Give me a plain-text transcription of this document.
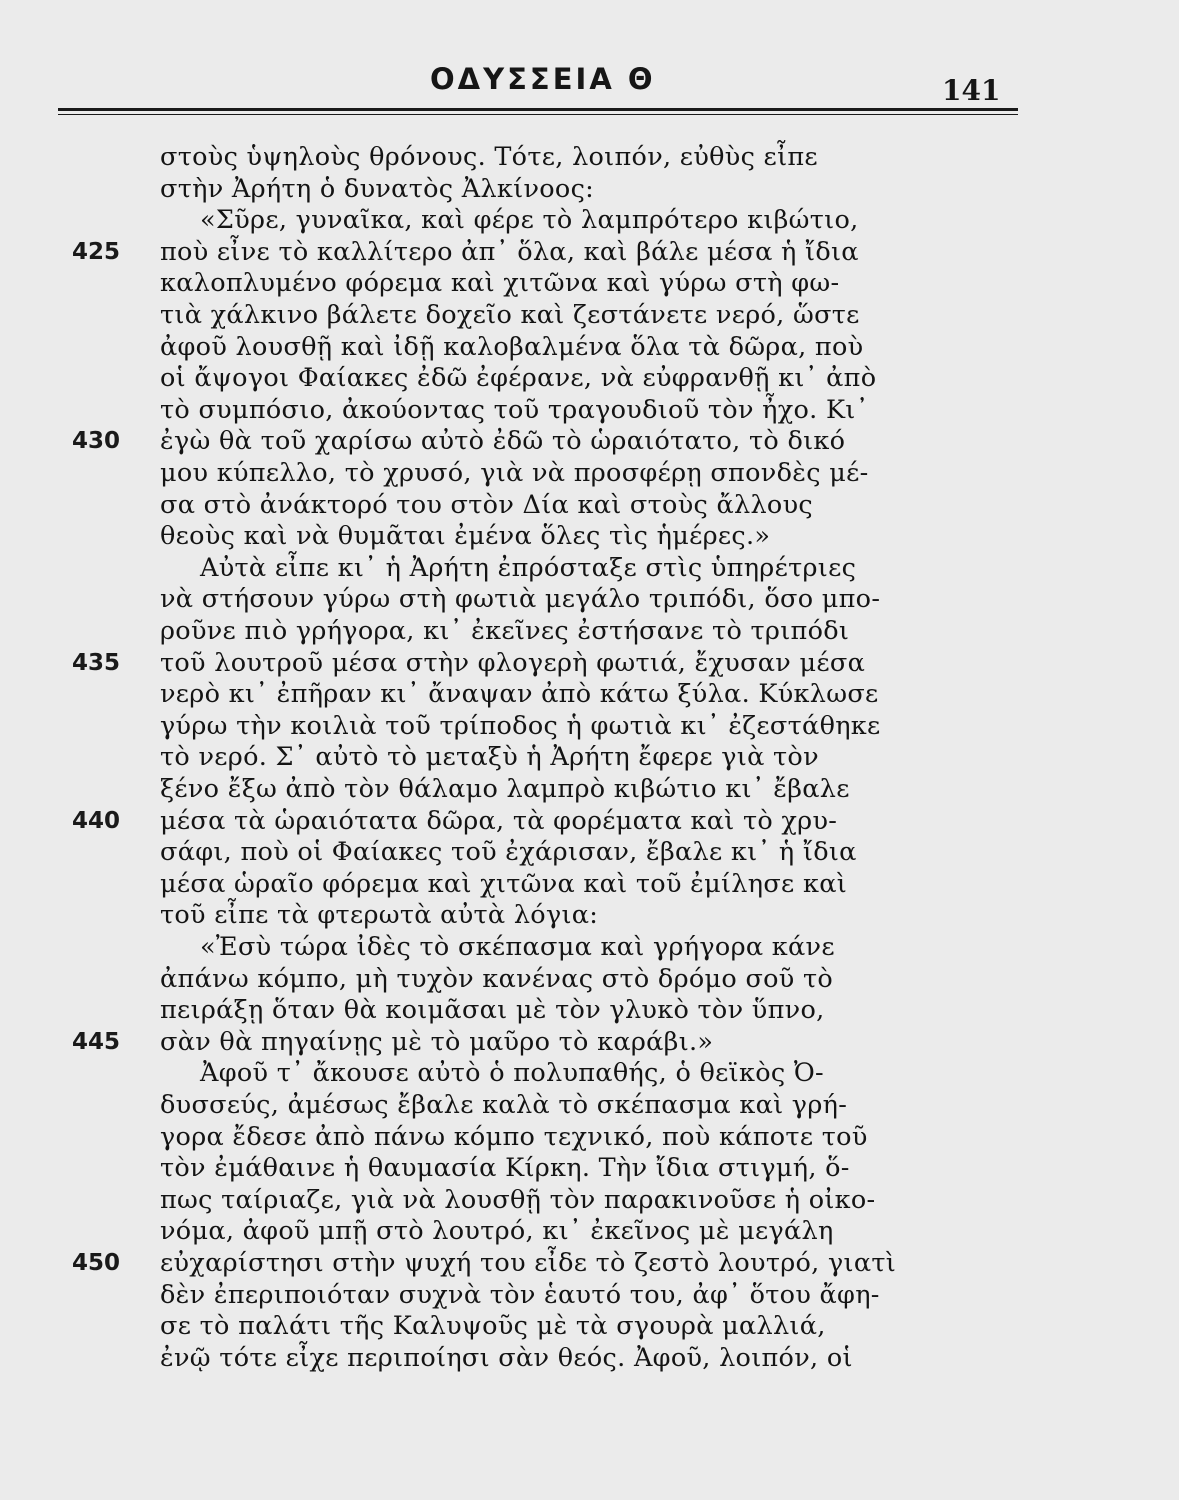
ΟΔΥΣΣΕΙΑ Θ	141
στοὺς ὑψηλοὺς θρόνους. Τότε, λοιπόν, εὐθὺς εἶπε
στὴν Ἀρήτη ὁ δυνατὸς Ἀλκίνοος:
«Σῦρε, γυναῖκα, καὶ φέρε τὸ λαμπρότερο κιβώτιο,
425 ποὺ εἶνε τὸ καλλίτερο ἀπ᾽ ὅλα, καὶ βάλε μέσα ἡ ἴδια
καλοπλυμένο φόρεμα καὶ χιτῶνα καὶ γύρω στὴ φω-
τιὰ χάλκινο βάλετε δοχεῖο καὶ ζεστάνετε νερό, ὥστε
ἀφοῦ λουσθῇ καὶ ἰδῇ καλοβαλμένα ὅλα τὰ δῶρα, ποὺ
οἱ ἄψογοι Φαίακες ἐδῶ ἐφέρανε, νὰ εὐφρανθῇ κι᾽ ἀπὸ
τὸ συμπόσιο, ἀκούοντας τοῦ τραγουδιοῦ τὸν ἦχο. Κι᾽
430 ἐγὼ θὰ τοῦ χαρίσω αὐτὸ ἐδῶ τὸ ὡραιότατο, τὸ δικό
μου κύπελλο, τὸ χρυσό, γιὰ νὰ προσφέρῃ σπονδὲς μέ-
σα στὸ ἀνάκτορό του στὸν Δία καὶ στοὺς ἄλλους
θεοὺς καὶ νὰ θυμᾶται ἐμένα ὅλες τὶς ἡμέρες.»
Αὐτὰ εἶπε κι᾽ ἡ Ἀρήτη ἐπρόσταξε στὶς ὑπηρέτριες
νὰ στήσουν γύρω στὴ φωτιὰ μεγάλο τριπόδι, ὅσο μπο-
ροῦνε πιὸ γρήγορα, κι᾽ ἐκεῖνες ἐστήσανε τὸ τριπόδι
435 τοῦ λουτροῦ μέσα στὴν φλογερὴ φωτιά, ἔχυσαν μέσα
νερὸ κι᾽ ἐπῆραν κι᾽ ἄναψαν ἀπὸ κάτω ξύλα. Κύκλωσε
γύρω τὴν κοιλιὰ τοῦ τρίποδος ἡ φωτιὰ κι᾽ ἐζεστάθηκε
τὸ νερό. Σ᾽ αὐτὸ τὸ μεταξὺ ἡ Ἀρήτη ἔφερε γιὰ τὸν
ξένο ἔξω ἀπὸ τὸν θάλαμο λαμπρὸ κιβώτιο κι᾽ ἔβαλε
440 μέσα τὰ ὡραιότατα δῶρα, τὰ φορέματα καὶ τὸ χρυ-
σάφι, ποὺ οἱ Φαίακες τοῦ ἐχάρισαν, ἔβαλε κι᾽ ἡ ἴδια
μέσα ὡραῖο φόρεμα καὶ χιτῶνα καὶ τοῦ ἐμίλησε καὶ
τοῦ εἶπε τὰ φτερωτὰ αὐτὰ λόγια:
«Ἐσὺ τώρα ἰδὲς τὸ σκέπασμα καὶ γρήγορα κάνε
ἀπάνω κόμπο, μὴ τυχὸν κανένας στὸ δρόμο σοῦ τὸ
πειράξῃ ὅταν θὰ κοιμᾶσαι μὲ τὸν γλυκὸ τὸν ὕπνο,
445 σὰν θὰ πηγαίνῃς μὲ τὸ μαῦρο τὸ καράβι.»
Ἀφοῦ τ᾽ ἄκουσε αὐτὸ ὁ πολυπαθής, ὁ θεϊκὸς Ὀ-
δυσσεύς, ἀμέσως ἔβαλε καλὰ τὸ σκέπασμα καὶ γρή-
γορα ἔδεσε ἀπὸ πάνω κόμπο τεχνικό, ποὺ κάποτε τοῦ
τὸν ἐμάθαινε ἡ θαυμασία Κίρκη. Τὴν ἴδια στιγμή, ὅ-
πως ταίριαζε, γιὰ νὰ λουσθῇ τὸν παρακινοῦσε ἡ οἰκο-
νόμα, ἀφοῦ μπῇ στὸ λουτρό, κι᾽ ἐκεῖνος μὲ μεγάλη
450 εὐχαρίστησι στὴν ψυχή του εἶδε τὸ ζεστὸ λουτρό, γιατὶ
δὲν ἐπεριποιόταν συχνὰ τὸν ἑαυτό του, ἀφ᾽ ὅτου ἄφη-
σε τὸ παλάτι τῆς Καλυψοῦς μὲ τὰ σγουρὰ μαλλιά,
ἐνῷ τότε εἶχε περιποίησι σὰν θεός. Ἀφοῦ, λοιπόν, οἱ
